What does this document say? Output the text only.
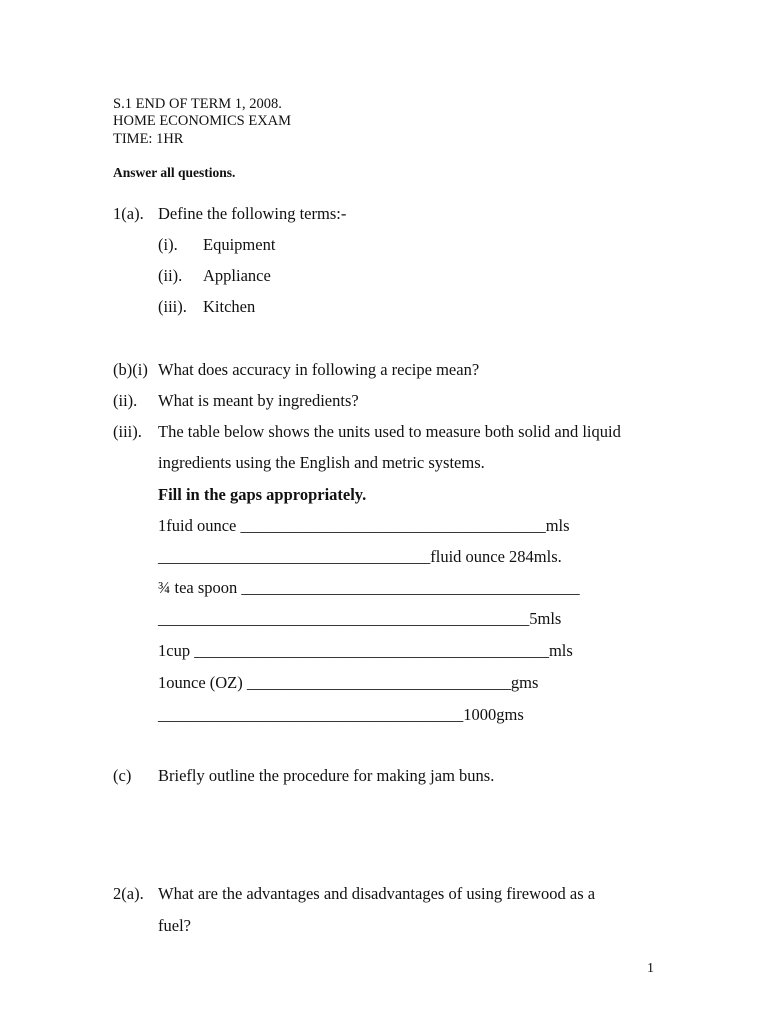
S.1 END OF TERM 1, 2008.
HOME ECONOMICS EXAM
TIME: 1HR
Answer all questions.
1(a). Define the following terms:-
(i). Equipment
(ii). Appliance
(iii). Kitchen
(b)(i) What does accuracy in following a recipe mean?
(ii). What is meant by ingredients?
(iii). The table below shows the units used to measure both solid and liquid
ingredients using the English and metric systems.
Fill in the gaps appropriately.
1fuid ounce _____________________________________mls
_________________________________fluid ounce 284mls.
¾ tea spoon _________________________________________
_____________________________________________5mls
1cup ___________________________________________mls
1ounce (OZ) ________________________________gms
_____________________________________1000gms
(c) Briefly outline the procedure for making jam buns.
2(a). What are the advantages and disadvantages of using firewood as a
fuel?
1
